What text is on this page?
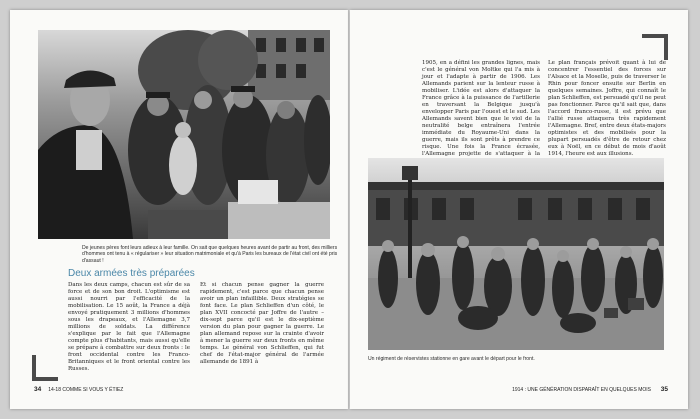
De jeunes pères font leurs adieux à leur famille. On sait que quelques heures avant de partir au front, des milliers d'hommes ont tenu à « régulariser » leur situation matrimoniale et qu'à Paris les bureaux de l'état civil ont été pris d'assaut !
Deux armées très préparées

Dans les deux camps, chacun est sûr de sa force et de son bon droit. L'optimisme est aussi nourri par l'efficacité de la mobilisation. Le 15 août, la France a déjà envoyé pratiquement 3 millions d'hommes sous les drapeaux, et l'Allemagne 3,7 millions de soldats. La différence s'explique par le fait que l'Allemagne compte plus d'habitants, mais aussi qu'elle se prépare à combattre sur deux fronts : le front occidental contre les Franco-Britanniques et le front oriental contre les Russes.

Et si chacun pense gagner la guerre rapidement, c'est parce que chacun pense avoir un plan infaillible. Deux stratégies se font face. Le plan Schlieffen d'un côté, le plan XVII concocté par Joffre de l'autre – dix-sept parce qu'il est le dix-septième version du plan pour gagner la guerre. Le plan allemand repose sur la crainte d'avoir à mener la guerre sur deux fronts en même temps. Le général von Schlieffen, qui fut chef de l'état-major général de l'armée allemande de 1891 à

34 14-18 COMME SI VOUS Y ÉTIEZ

1905, en a défini les grandes lignes, mais c'est le général von Moltke qui l'a mis à jour et l'adapte à partir de 1906. Les Allemands parient sur la lenteur russe à mobiliser. L'idée est alors d'attaquer la France grâce à la puissance de l'artillerie en traversant la Belgique jusqu'à envelopper Paris par l'ouest et le sud. Les Allemands savent bien que le viol de la neutralité belge entraînera l'entrée immédiate du Royaume-Uni dans la guerre, mais ils sont prêts à prendre ce risque. Une fois la France écrasée, l'Allemagne projette de s'attaquer à la

Le plan français prévoit quant à lui de concentrer l'essentiel des forces sur l'Alsace et la Moselle, puis de traverser le Rhin pour foncer ensuite sur Berlin en quelques semaines. Joffre, qui connaît le plan Schlieffen, est persuadé qu'il ne peut pas fonctionner. Parce qu'il sait que, dans l'accord franco-russe, il est prévu que l'allié russe attaquera très rapidement l'Allemagne. Bref, entre deux états-majors optimistes et des mobilisés pour la plupart persuadés d'être de retour chez eux à Noël, en ce début de mois d'août 1914, l'heure est aux illusions.

Un régiment de réservistes stationne en gare avant le départ pour le front.
1914 : UNE GÉNÉRATION DISPARAÎT EN QUELQUES MOIS 35
